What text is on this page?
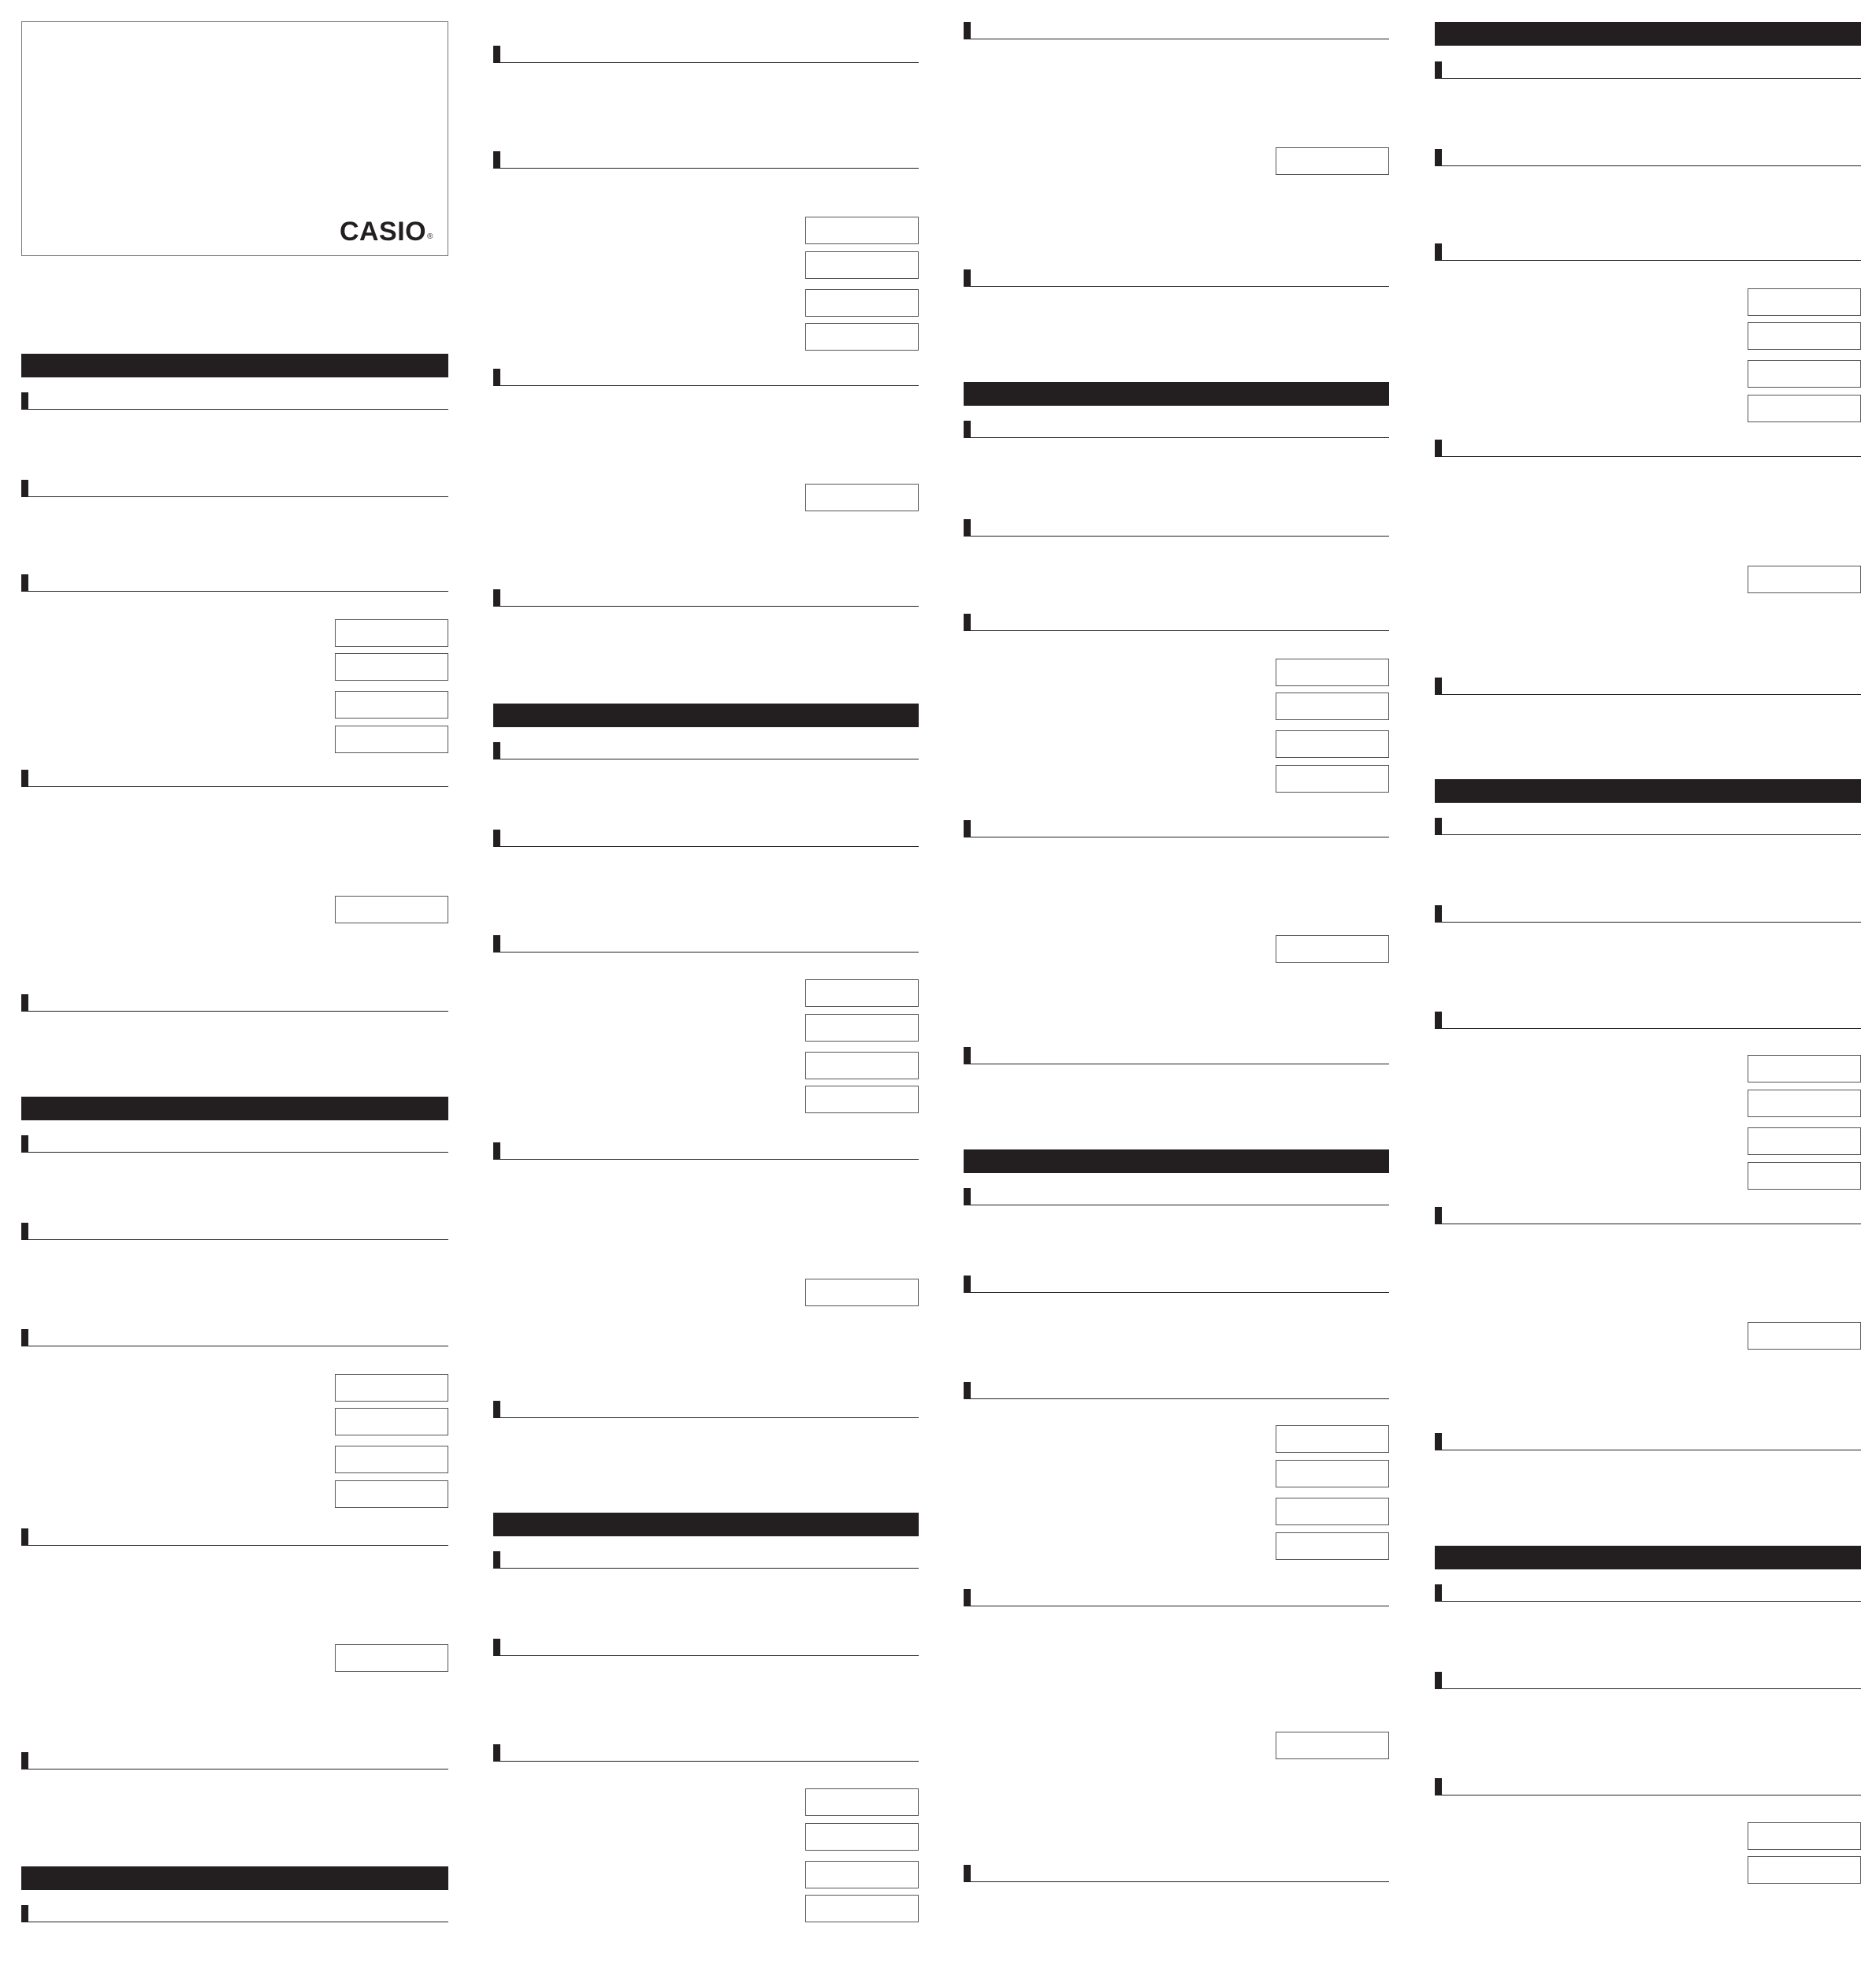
CASIO®
